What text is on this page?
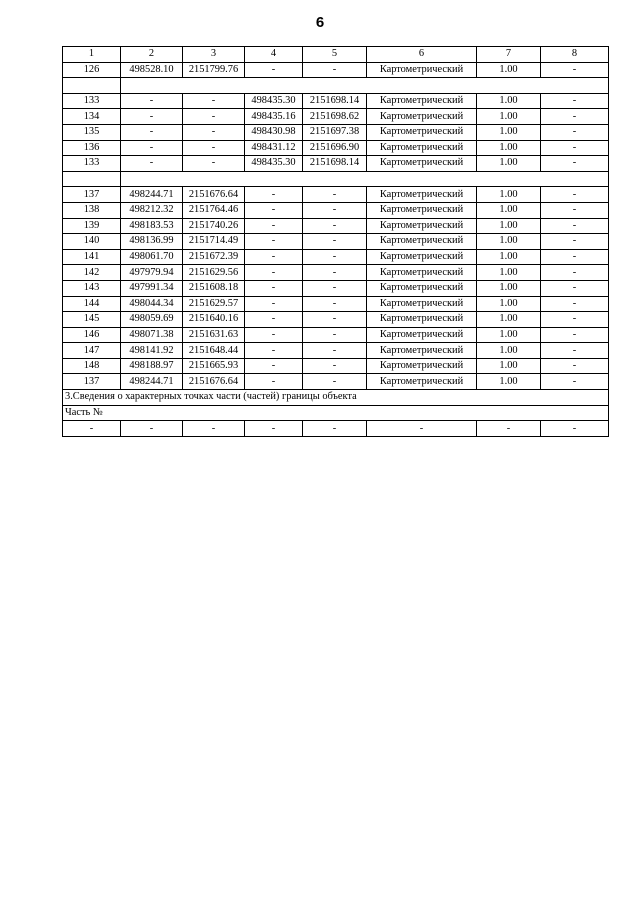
6
1	2	3	4	5	6	7	8
126	498528.10	2151799.76	-	-	Картометрический	1.00	-

133	-	-	498435.30	2151698.14	Картометрический	1.00	-
134	-	-	498435.16	2151698.62	Картометрический	1.00	-
135	-	-	498430.98	2151697.38	Картометрический	1.00	-
136	-	-	498431.12	2151696.90	Картометрический	1.00	-
133	-	-	498435.30	2151698.14	Картометрический	1.00	-

137	498244.71	2151676.64	-	-	Картометрический	1.00	-
138	498212.32	2151764.46	-	-	Картометрический	1.00	-
139	498183.53	2151740.26	-	-	Картометрический	1.00	-
140	498136.99	2151714.49	-	-	Картометрический	1.00	-
141	498061.70	2151672.39	-	-	Картометрический	1.00	-
142	497979.94	2151629.56	-	-	Картометрический	1.00	-
143	497991.34	2151608.18	-	-	Картометрический	1.00	-
144	498044.34	2151629.57	-	-	Картометрический	1.00	-
145	498059.69	2151640.16	-	-	Картометрический	1.00	-
146	498071.38	2151631.63	-	-	Картометрический	1.00	-
147	498141.92	2151648.44	-	-	Картометрический	1.00	-
148	498188.97	2151665.93	-	-	Картометрический	1.00	-
137	498244.71	2151676.64	-	-	Картометрический	1.00	-
3.Сведения о характерных точках части (частей) границы объекта							
Часть №							
-	-	-	-	-	-	-	-
